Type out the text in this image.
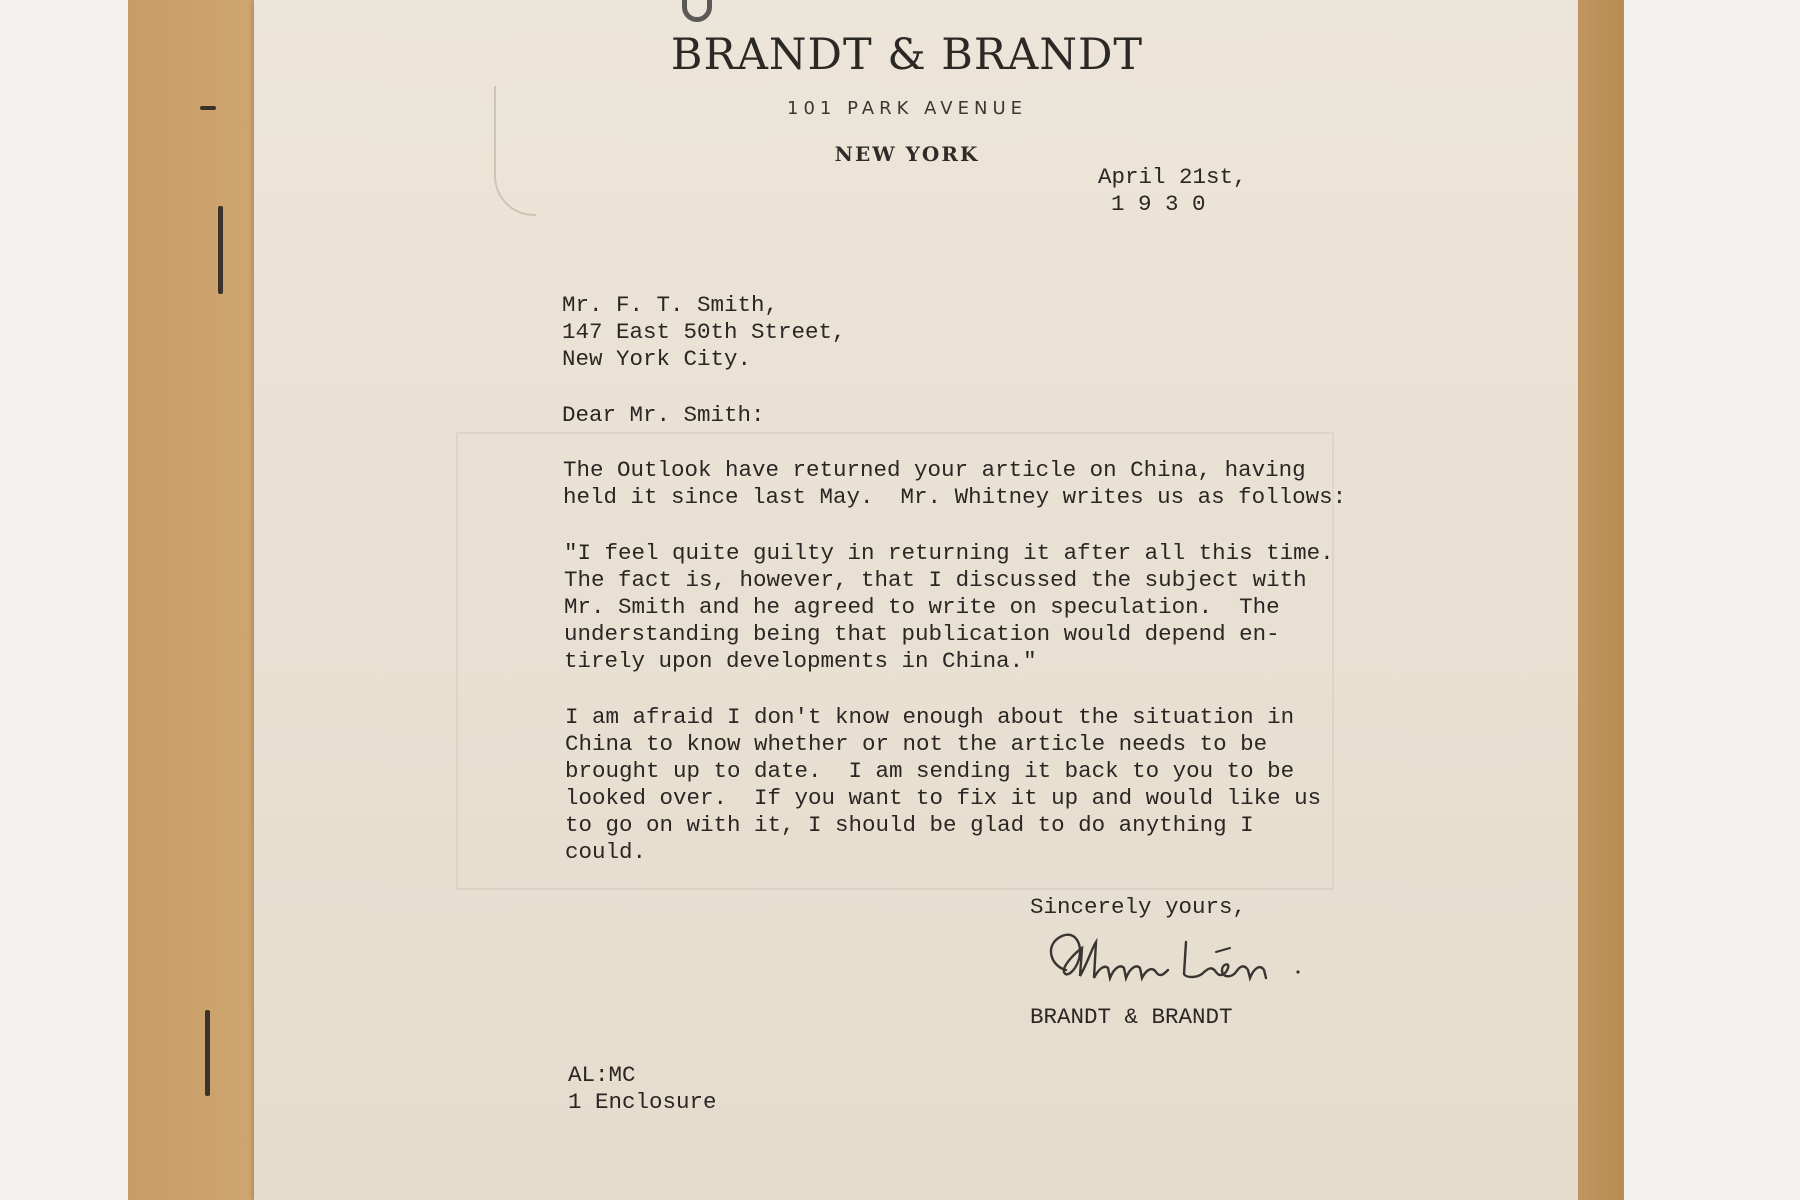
BRANDT & BRANDT
101 PARK AVENUE
NEW YORK
April 21st,
1 9 3 0
Mr. F. T. Smith,
147 East 50th Street,
New York City.
Dear Mr. Smith:
The Outlook have returned your article on China, having
held it since last May.  Mr. Whitney writes us as follows:
"I feel quite guilty in returning it after all this time.
The fact is, however, that I discussed the subject with
Mr. Smith and he agreed to write on speculation.  The
understanding being that publication would depend en-
tirely upon developments in China."
I am afraid I don't know enough about the situation in
China to know whether or not the article needs to be
brought up to date.  I am sending it back to you to be
looked over.  If you want to fix it up and would like us
to go on with it, I should be glad to do anything I
could.
Sincerely yours,
BRANDT & BRANDT
AL:MC
1 Enclosure
